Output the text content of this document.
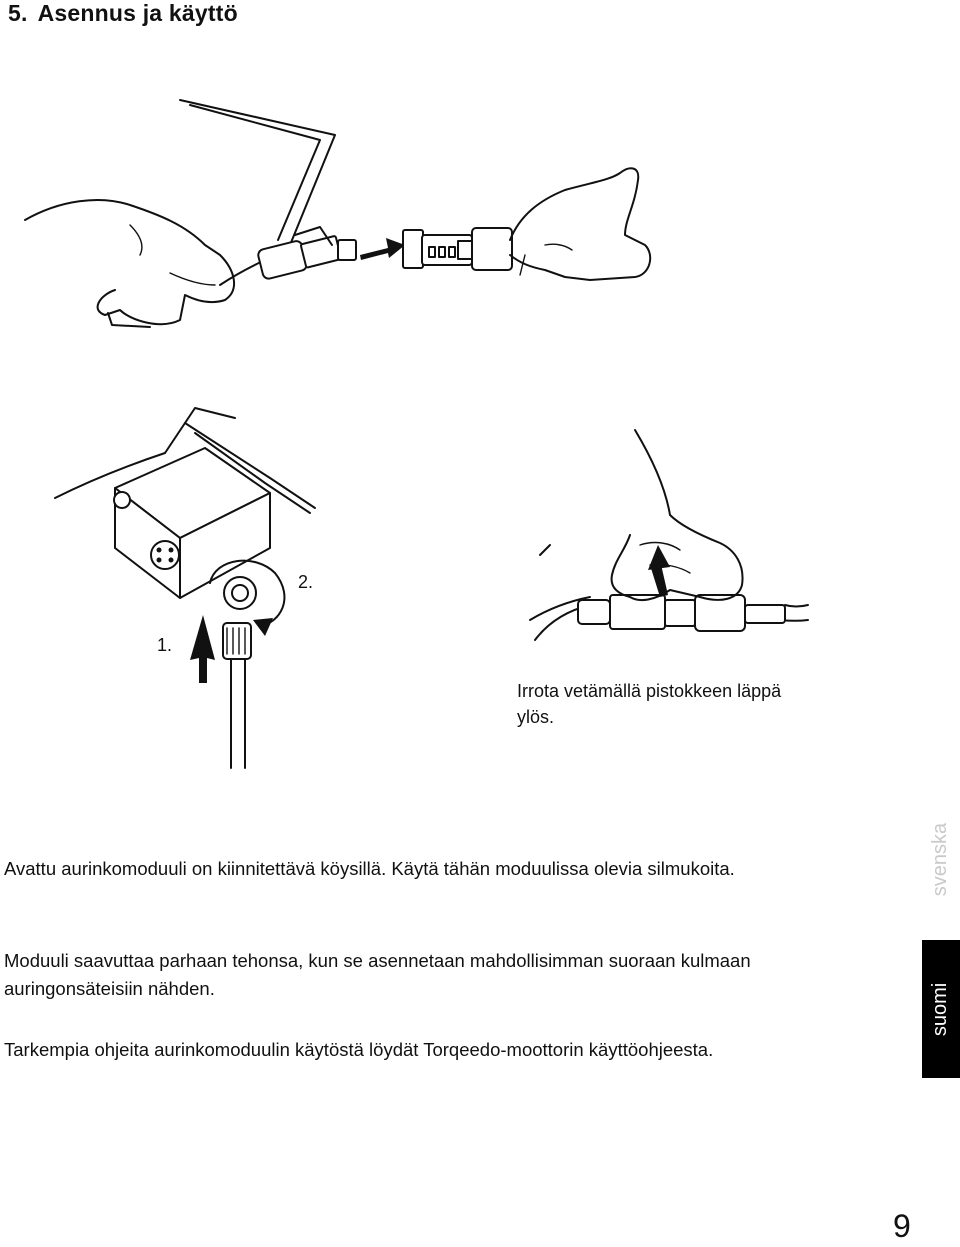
5. Asennus ja käyttö
1.
2.

Irrota vetämällä pistokkeen läppä ylös.

Avattu aurinkomoduuli on kiinnitettävä köysillä. Käytä tähän moduulissa olevia silmukoita.

Moduuli saavuttaa parhaan tehonsa, kun se asennetaan mahdollisimman suoraan kulmaan auringonsäteisiin nähden.

Tarkempia ohjeita aurinkomoduulin käytöstä löydät Torqeedo-moottorin käyttöohjeesta.

svenska
suomi
9
